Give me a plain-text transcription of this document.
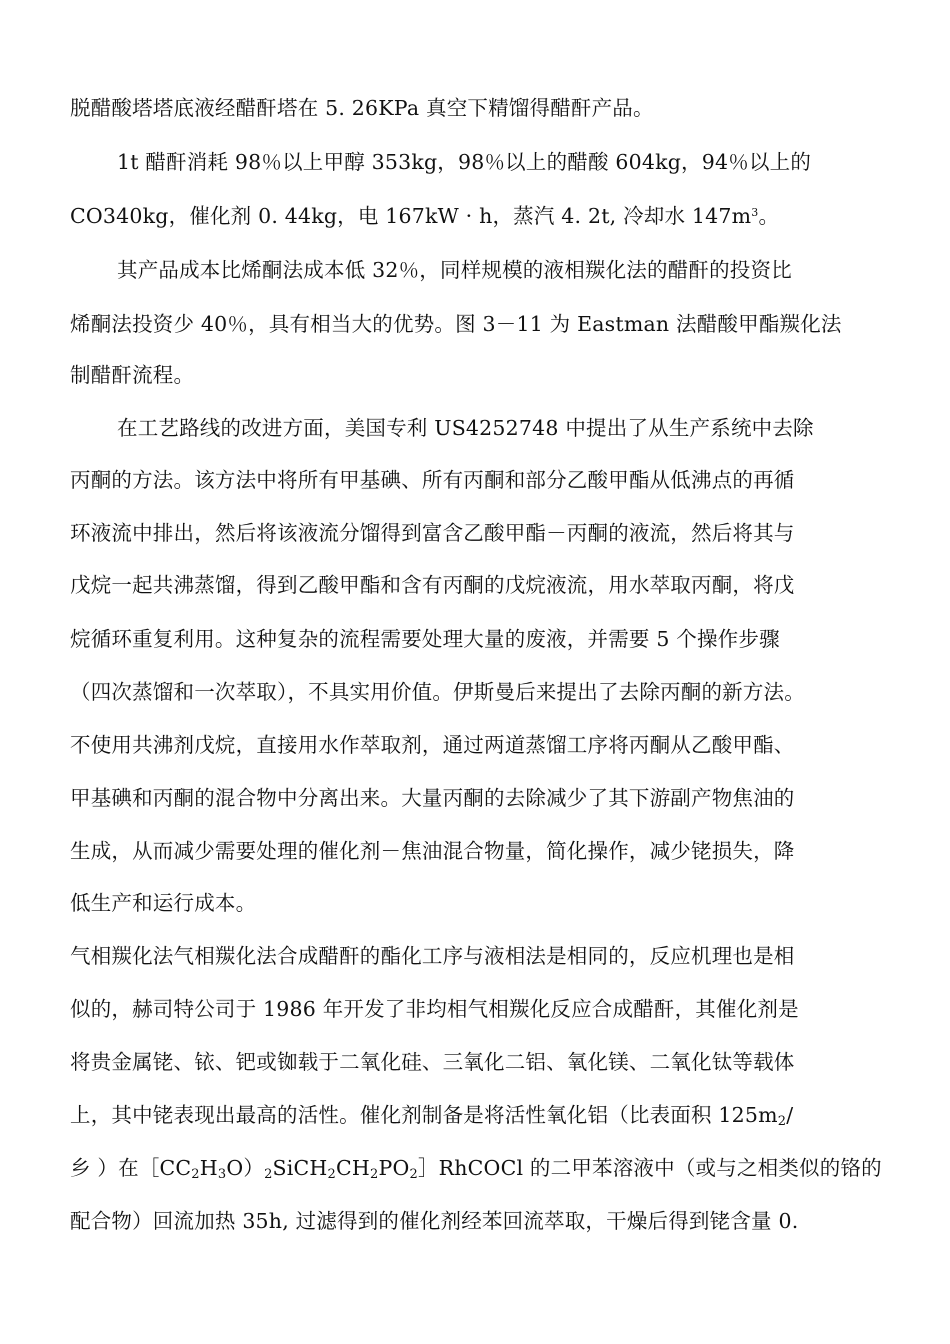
脱醋酸塔塔底液经醋酐塔在 5. 26KPa 真空下精馏得醋酐产品。
1t 醋酐消耗 98％以上甲醇 353kg，98％以上的醋酸 604kg，94％以上的
CO340kg，催化剂 0. 44kg，电 167kW · h，蒸汽 4. 2t, 冷却水 $147m^3$。
其产品成本比烯酮法成本低 32％，同样规模的液相羰化法的醋酐的投资比
烯酮法投资少 40％，具有相当大的优势。图 3－11 为 Eastman 法醋酸甲酯羰化法
制醋酐流程。
在工艺路线的改进方面，美国专利 US4252748 中提出了从生产系统中去除
丙酮的方法。该方法中将所有甲基碘、所有丙酮和部分乙酸甲酯从低沸点的再循
环液流中排出，然后将该液流分馏得到富含乙酸甲酯－丙酮的液流，然后将其与
戊烷一起共沸蒸馏，得到乙酸甲酯和含有丙酮的戊烷液流，用水萃取丙酮，将戊
烷循环重复利用。这种复杂的流程需要处理大量的废液，并需要 5 个操作步骤
（四次蒸馏和一次萃取），不具实用价值。伊斯曼后来提出了去除丙酮的新方法。
不使用共沸剂戊烷，直接用水作萃取剂，通过两道蒸馏工序将丙酮从乙酸甲酯、
甲基碘和丙酮的混合物中分离出来。大量丙酮的去除减少了其下游副产物焦油的
生成，从而减少需要处理的催化剂－焦油混合物量，简化操作，减少铑损失，降
低生产和运行成本。
气相羰化法气相羰化法合成醋酐的酯化工序与液相法是相同的，反应机理也是相
似的，赫司特公司于 1986 年开发了非均相气相羰化反应合成醋酐，其催化剂是
将贵金属铑、铱、钯或铷载于二氧化硅、三氧化二铝、氧化镁、二氧化钛等载体
上，其中铑表现出最高的活性。催化剂制备是将活性氧化铝（比表面积 $125m_2/$
乡 ）在$[CC_2H_3O)_2SiCH_2CH_2PO_2]RhCOCl$ 的二甲苯溶液中（或与之相类似的铬的
配合物）回流加热 35h, 过滤得到的催化剂经苯回流萃取，干燥后得到铑含量 0.
